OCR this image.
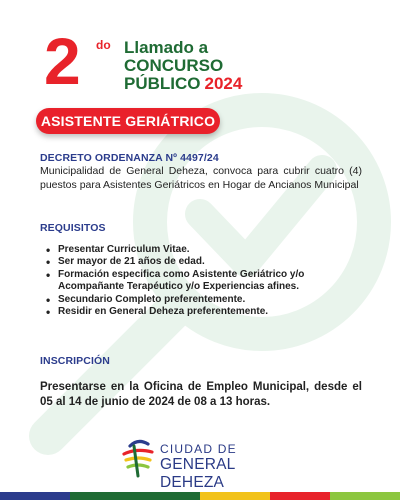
2 do Llamado a
CONCURSO
PÚBLICO 2024
ASISTENTE GERIÁTRICO
DECRETO ORDENANZA Nº 4497/24

Municipalidad de General Deheza, convoca para cubrir cuatro (4) puestos para Asistentes Geriátricos en Hogar de Ancianos Municipal

REQUISITOS
• Presentar Curriculum Vitae.
• Ser mayor de 21 años de edad.
• Formación especifica como Asistente Geriátrico y/o Acompañante Terapéutico y/o Experiencias afines.
• Secundario Completo preferentemente.
• Residir en General Deheza preferentemente.
INSCRIPCIÓN

Presentarse en la Oficina de Empleo Municipal, desde el 05 al 14 de junio de 2024 de 08 a 13 horas.

CIUDAD DE
GENERAL DEHEZA
